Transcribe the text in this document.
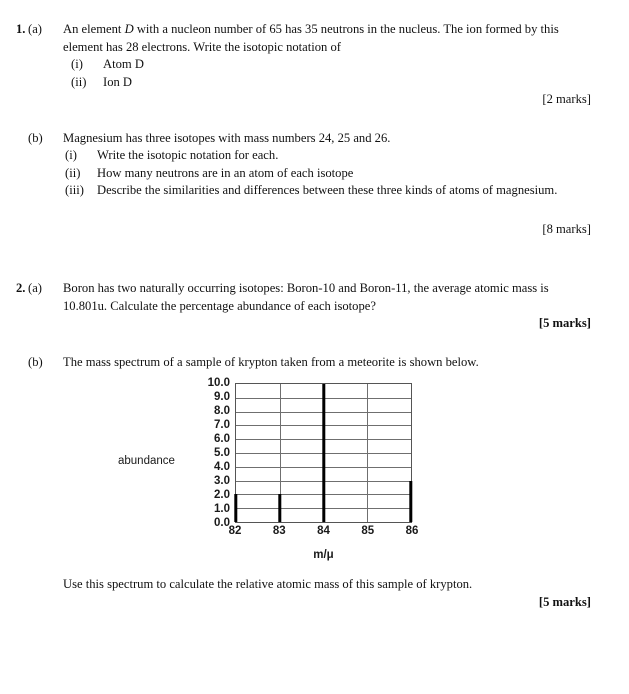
1. (a)	An element D with a nucleon number of 65 has 35 neutrons in the nucleus. The ion formed by this element has 28 electrons. Write the isotopic notation of

(i)	Atom D
(ii)	Ion D
[2 marks]
(b)	Magnesium has three isotopes with mass numbers 24, 25 and 26.

(i)	Write the isotopic notation for each.
(ii)	How many neutrons are in an atom of each isotope
(iii)	Describe the similarities and differences between these three kinds of atoms of magnesium.
[8 marks]
2. (a)	Boron has two naturally occurring isotopes: Boron-10 and Boron-11, the average atomic mass is 10.801u. Calculate the percentage abundance of each isotope?

[5 marks]
(b)	The mass spectrum of a sample of krypton taken from a meteorite is shown below.

abundance
10.0
9.0
8.0
7.0
6.0
5.0
4.0
3.0
2.0
1.0
0.0
82	83	84	85	86
m/μ

Use this spectrum to calculate the relative atomic mass of this sample of krypton.

[5 marks]
